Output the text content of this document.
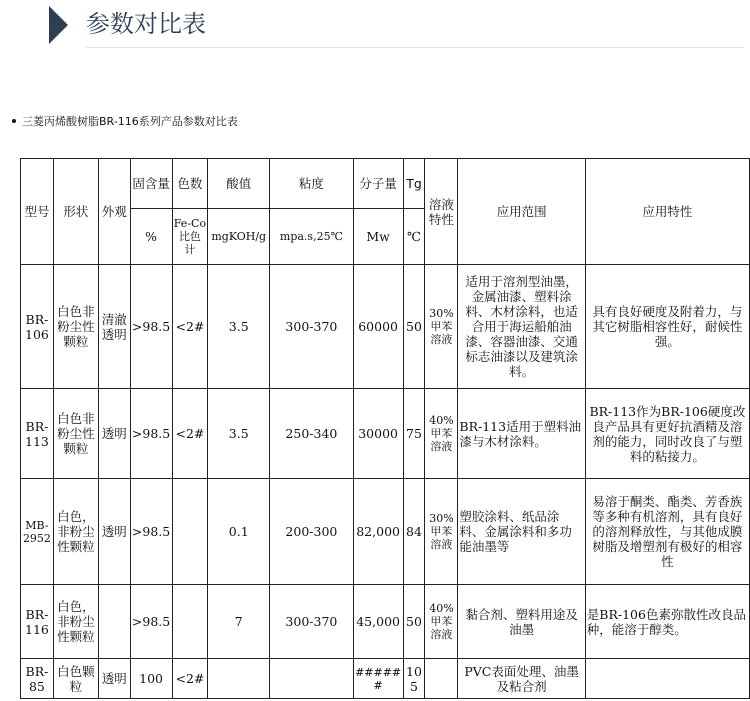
参数对比表
三菱丙烯酸树脂BR-116系列产品参数对比表
型号	形状	外观	固含量	色数	酸值	粘度	分子量	Tg	溶液特性	应用范围	应用特性
			%	Fe-Co比色计	mgKOH/g	mpa.s,25℃	Mw	℃			
BR-106	白色非粉尘性颗粒	清澈透明	>98.5	<2#	3.5	300-370	60000	50	30%甲苯溶液	适用于溶剂型油墨，金属油漆、塑料涂料、木材涂料，也适合用于海运船舶油漆、容器油漆、交通标志油漆以及建筑涂料。	具有良好硬度及附着力，与其它树脂相容性好，耐候性强。
BR-113	白色非粉尘性颗粒	透明	>98.5	<2#	3.5	250-340	30000	75	40%甲苯溶液	BR-113适用于塑料油漆与木材涂料。	BR-113作为BR-106硬度改良产品具有更好抗酒精及溶剂的能力，同时改良了与塑料的粘接力。
MB-2952	白色，非粉尘性颗粒	透明	>98.5		0.1	200-300	82,000	84	30%甲苯溶液	塑胶涂料、纸品涂料、金属涂料和多功能油墨等	易溶于酮类、酯类、芳香族等多种有机溶剂，具有良好的溶剂释放性，与其他成膜树脂及增塑剂有极好的相容性
BR-116	白色，非粉尘性颗粒		>98.5		7	300-370	45,000	50	40%甲苯溶液	黏合剂、塑料用途及油墨	是BR-106色素弥散性改良品种，能溶于醇类。
BR-85	白色颗粒	透明	100	<2#			######	105		PVC表面处理、油墨及粘合剂	
